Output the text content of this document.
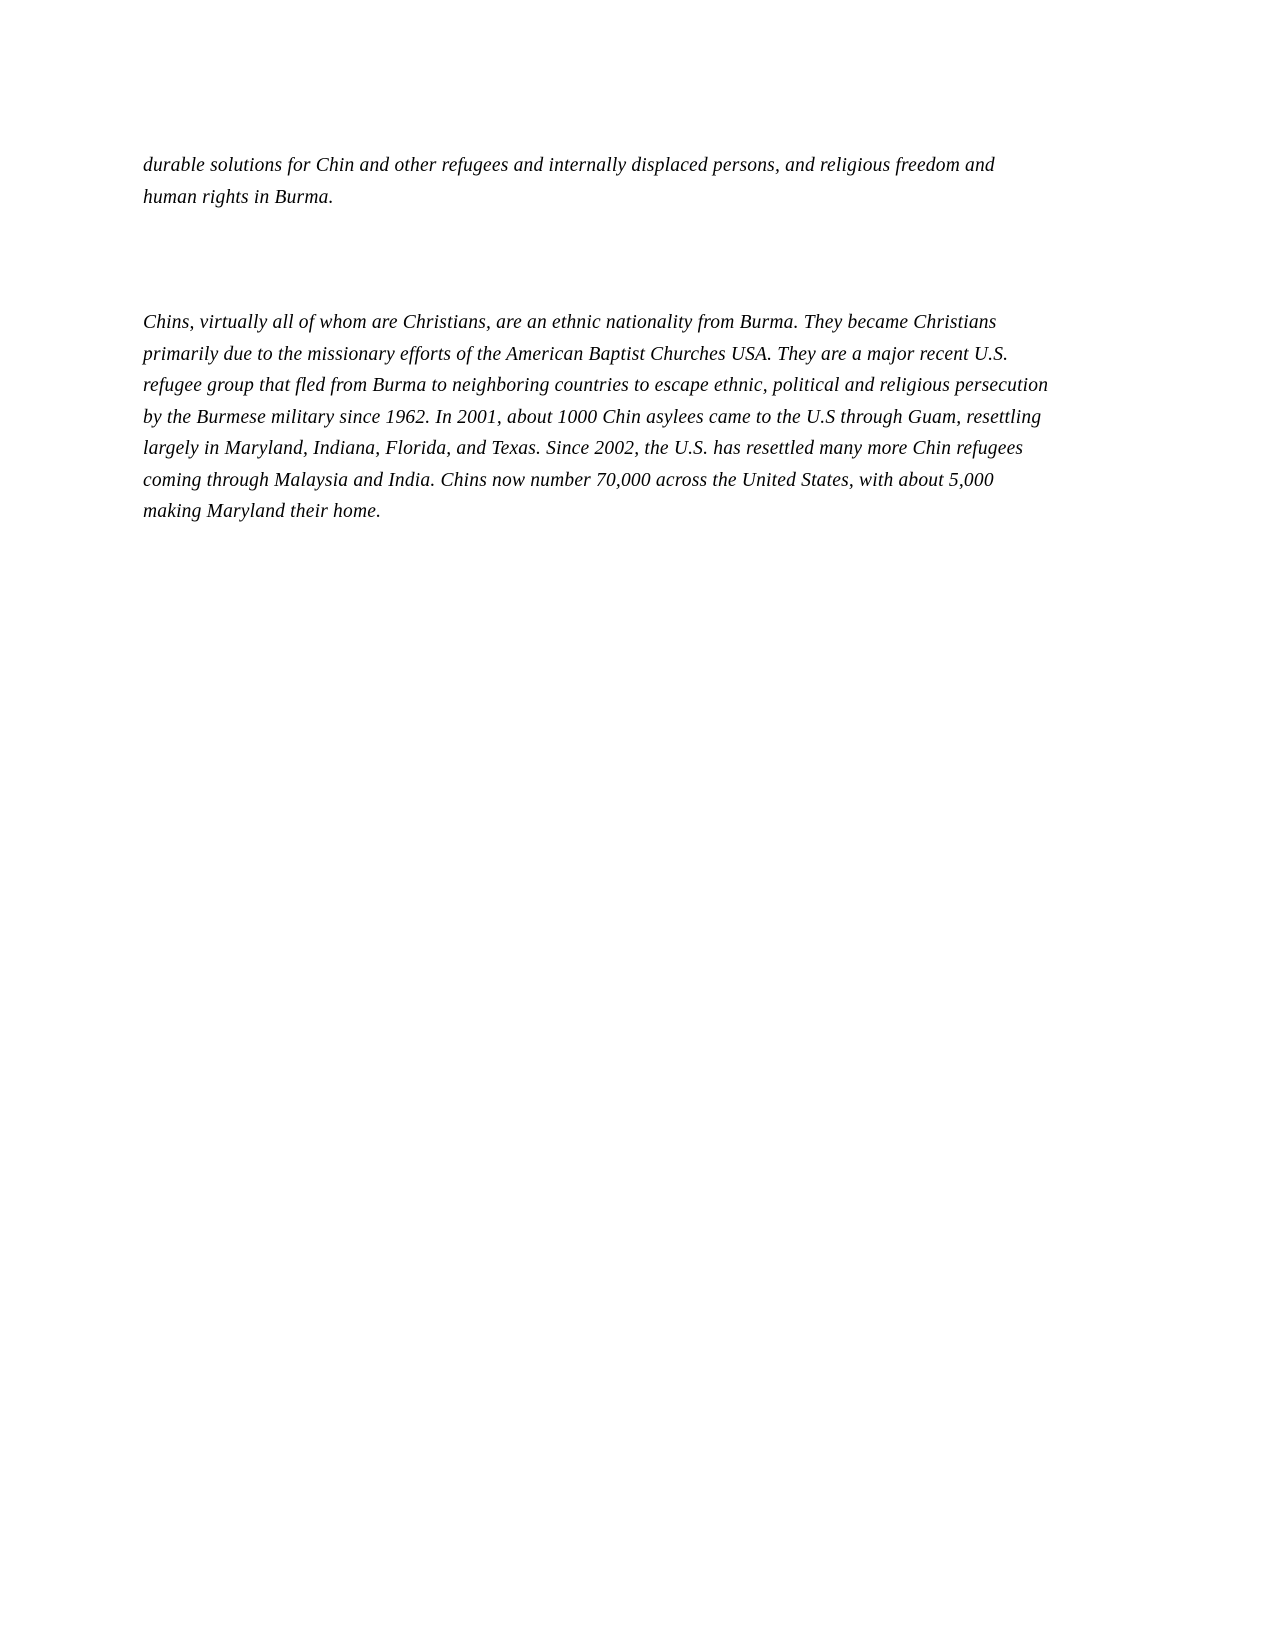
durable solutions for Chin and other refugees and internally displaced persons, and religious freedom and human rights in Burma.

Chins, virtually all of whom are Christians, are an ethnic nationality from Burma. They became Christians primarily due to the missionary efforts of the American Baptist Churches USA. They are a major recent U.S. refugee group that fled from Burma to neighboring countries to escape ethnic, political and religious persecution by the Burmese military since 1962. In 2001, about 1000 Chin asylees came to the U.S through Guam, resettling largely in Maryland, Indiana, Florida, and Texas. Since 2002, the U.S. has resettled many more Chin refugees coming through Malaysia and India. Chins now number 70,000 across the United States, with about 5,000 making Maryland their home.
